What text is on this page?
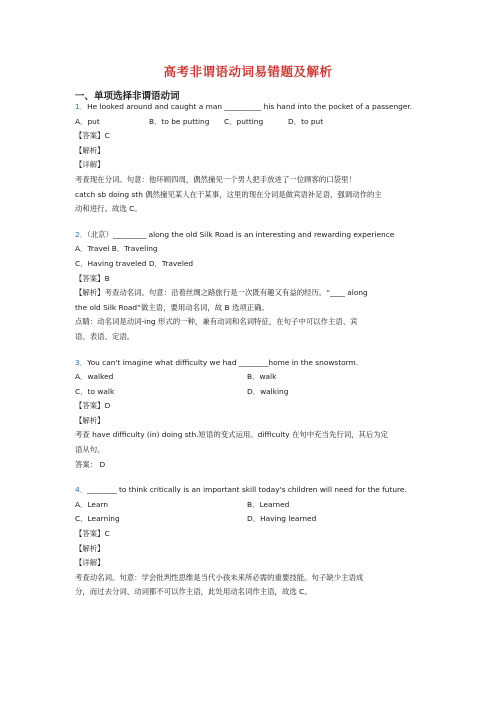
高考非谓语动词易错题及解析
一、单项选择非谓语动词
1．He looked around and caught a man __________ his hand into the pocket of a passenger.
A．put	B．to be putting C．putting	D．to put
【答案】C
【解析】
【详解】
考查现在分词。句意：他环顾四周，偶然撞见一个男人把手放进了一位顾客的口袋里！
catch sb doing sth 偶然撞见某人在干某事，这里的现在分词是做宾语补足语，强调动作的主
动和进行。故选 C。
2．（北京）_________ along the old Silk Road is an interesting and rewarding experience
A．Travel B．Traveling
C．Having traveled D．Traveled
【答案】B
【解析】考查动名词。句意：沿着丝绸之路旅行是一次既有趣又有益的经历。“____ along
the old Silk Road”做主语，要用动名词，故 B 选项正确。
点睛：动名词是动词-ing 形式的一种，兼有动词和名词特征，在句子中可以作主语、宾
语、表语、定语。
3．You can't imagine what difficulty we had ________home in the snowstorm.
A．walked	B．walk
C．to walk	D．walking
【答案】D
【解析】
考查 have difficulty (in) doing sth.短语的变式运用。difficulty 在句中充当先行词，其后为定
语从句。
答案： D
4．________ to think critically is an important skill today's children will need for the future.
A．Learn	B．Learned
C．Learning	D．Having learned
【答案】C
【解析】
【详解】
考查动名词。句意：学会批判性思维是当代小孩未来所必需的重要技能。句子缺少主语成
分，而过去分词、动词都不可以作主语，此处用动名词作主语，故选 C。
